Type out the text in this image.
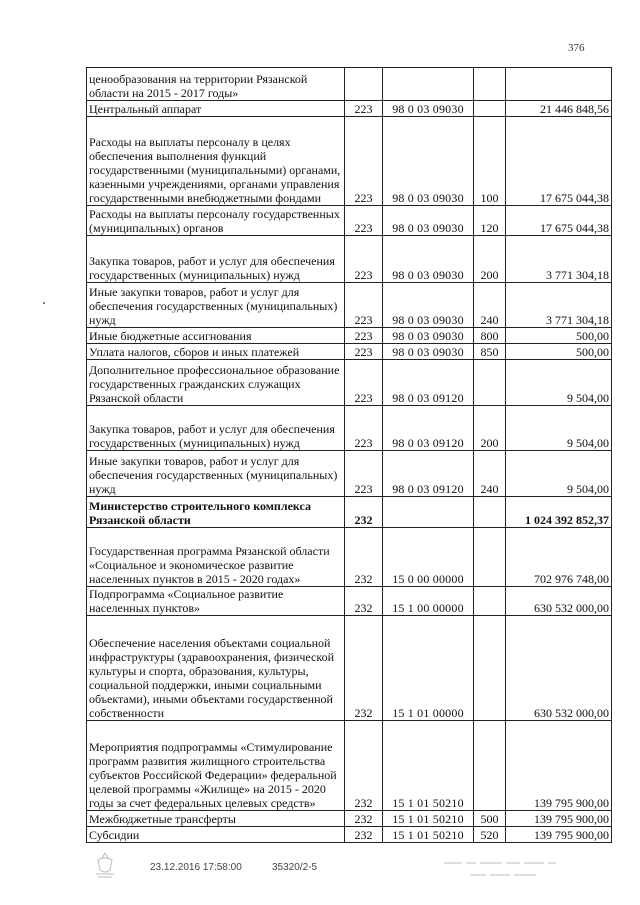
376
ценообразования на территории Рязанской области на 2015 - 2017 годы»				
Центральный аппарат	223	98 0 03 09030		21 446 848,56
Расходы на выплаты персоналу в целях обеспечения выполнения функций государственными (муниципальными) органами, казенными учреждениями, органами управления государственными внебюджетными фондами	223	98 0 03 09030	100	17 675 044,38
Расходы на выплаты персоналу государственных (муниципальных) органов	223	98 0 03 09030	120	17 675 044,38
Закупка товаров, работ и услуг для обеспечения государственных (муниципальных) нужд	223	98 0 03 09030	200	3 771 304,18
Иные закупки товаров, работ и услуг для обеспечения государственных (муниципальных) нужд	223	98 0 03 09030	240	3 771 304,18
Иные бюджетные ассигнования	223	98 0 03 09030	800	500,00
Уплата налогов, сборов и иных платежей	223	98 0 03 09030	850	500,00
Дополнительное профессиональное образование государственных гражданских служащих Рязанской области	223	98 0 03 09120		9 504,00
Закупка товаров, работ и услуг для обеспечения государственных (муниципальных) нужд	223	98 0 03 09120	200	9 504,00
Иные закупки товаров, работ и услуг для обеспечения государственных (муниципальных) нужд	223	98 0 03 09120	240	9 504,00
Министерство строительного комплекса Рязанской области	232			1 024 392 852,37
Государственная программа Рязанской области «Социальное и экономическое развитие населенных пунктов в 2015 - 2020 годах»	232	15 0 00 00000		702 976 748,00
Подпрограмма «Социальное развитие населенных пунктов»	232	15 1 00 00000		630 532 000,00
Обеспечение населения объектами социальной инфраструктуры (здравоохранения, физической культуры и спорта, образования, культуры, социальной поддержки, иными социальными объектами), иными объектами государственной собственности	232	15 1 01 00000		630 532 000,00
Мероприятия подпрограммы «Стимулирование программ развития жилищного строительства субъектов Российской Федерации» федеральной целевой программы «Жилище» на 2015 - 2020 годы за счет федеральных целевых средств»	232	15 1 01 50210		139 795 900,00
Межбюджетные трансферты	232	15 1 01 50210	500	139 795 900,00
Субсидии	232	15 1 01 50210	520	139 795 900,00
23.12.2016 17:58:00	35320/2-5
